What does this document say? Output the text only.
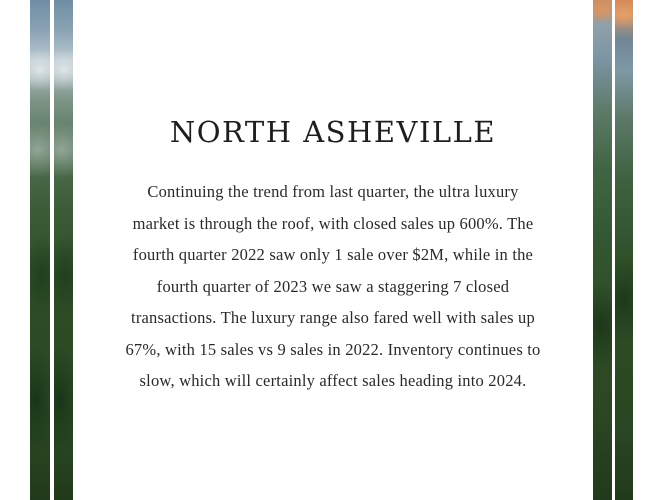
NORTH ASHEVILLE

Continuing the trend from last quarter, the ultra luxury
market is through the roof, with closed sales up 600%. The
fourth quarter 2022 saw only 1 sale over $2M, while in the
fourth quarter of 2023 we saw a staggering 7 closed
transactions. The luxury range also fared well with sales up
67%, with 15 sales vs 9 sales in 2022. Inventory continues to
slow, which will certainly affect sales heading into 2024.
